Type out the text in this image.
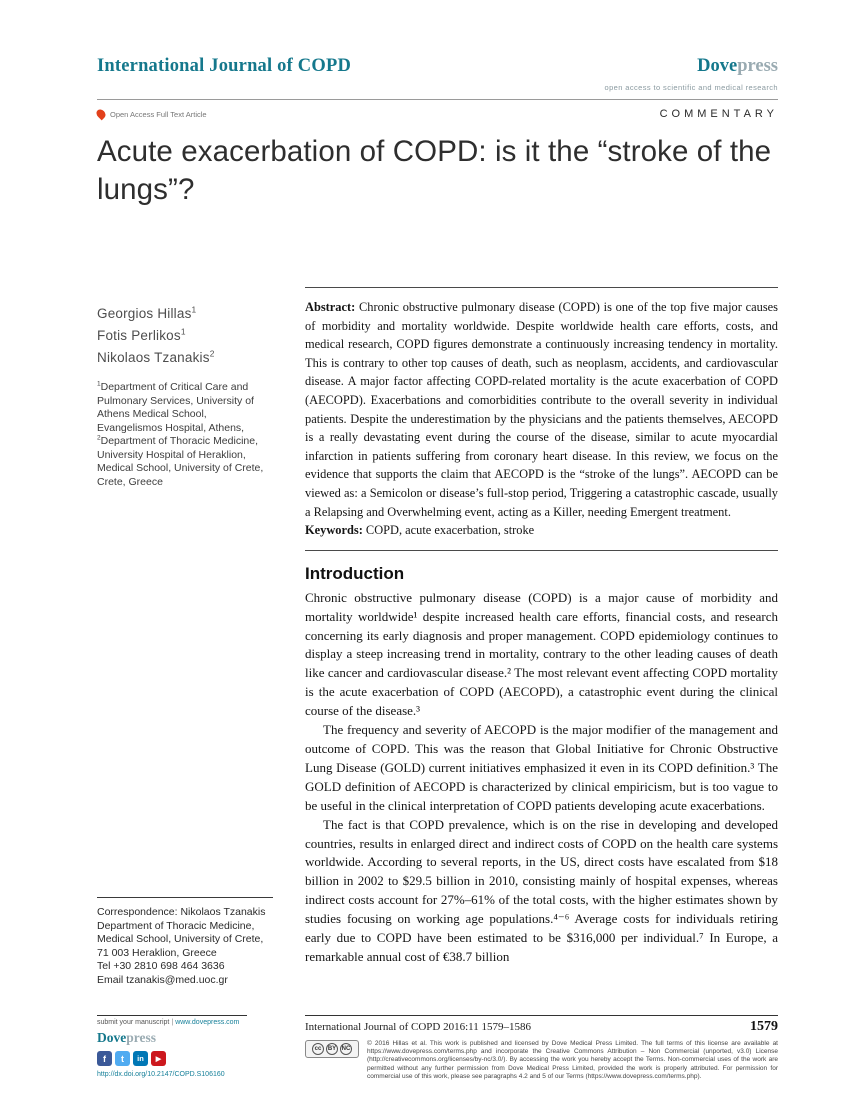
International Journal of COPD	Dovepress
open access to scientific and medical research
Open Access Full Text Article	COMMENTARY
Acute exacerbation of COPD: is it the “stroke of the lungs”?
Georgios Hillas$^1$
Fotis Perlikos$^1$
Nikolaos Tzanakis$^2$

$^1$Department of Critical Care and Pulmonary Services, University of Athens Medical School, Evangelismos Hospital, Athens, $^2$Department of Thoracic Medicine, University Hospital of Heraklion, Medical School, University of Crete, Crete, Greece

Correspondence: Nikolaos Tzanakis
Department of Thoracic Medicine,
Medical School, University of Crete,
71 003 Heraklion, Greece
Tel +30 2810 698 464 3636
Email tzanakis@med.uoc.gr

Abstract: Chronic obstructive pulmonary disease (COPD) is one of the top five major causes of morbidity and mortality worldwide. Despite worldwide health care efforts, costs, and medical research, COPD figures demonstrate a continuously increasing tendency in mortality. This is contrary to other top causes of death, such as neoplasm, accidents, and cardiovascular disease. A major factor affecting COPD-related mortality is the acute exacerbation of COPD (AECOPD). Exacerbations and comorbidities contribute to the overall severity in individual patients. Despite the underestimation by the physicians and the patients themselves, AECOPD is a really devastating event during the course of the disease, similar to acute myocardial infarction in patients suffering from coronary heart disease. In this review, we focus on the evidence that supports the claim that AECOPD is the “stroke of the lungs”. AECOPD can be viewed as: a Semicolon or disease’s full-stop period, Triggering a catastrophic cascade, usually a Relapsing and Overwhelming event, acting as a Killer, needing Emergent treatment.

Keywords: COPD, acute exacerbation, stroke

Introduction

Chronic obstructive pulmonary disease (COPD) is a major cause of morbidity and mortality worldwide¹ despite increased health care efforts, financial costs, and research concerning its early diagnosis and proper management. COPD epidemiology continues to display a steep increasing trend in mortality, contrary to the other leading causes of death like cancer and cardiovascular disease.² The most relevant event affecting COPD mortality is the acute exacerbation of COPD (AECOPD), a catastrophic event during the clinical course of the disease.³

The frequency and severity of AECOPD is the major modifier of the management and outcome of COPD. This was the reason that Global Initiative for Chronic Obstructive Lung Disease (GOLD) current initiatives emphasized it even in its COPD definition.³ The GOLD definition of AECOPD is characterized by clinical empiricism, but is too vague to be useful in the clinical interpretation of COPD patients developing acute exacerbations.

The fact is that COPD prevalence, which is on the rise in developing and developed countries, results in enlarged direct and indirect costs of COPD on the health care systems worldwide. According to several reports, in the US, direct costs have escalated from $18 billion in 2002 to $29.5 billion in 2010, consisting mainly of hospital expenses, whereas indirect costs account for 27%–61% of the total costs, with the higher estimates shown by studies focusing on working age populations.⁴⁻⁶ Average costs for individuals retiring early due to COPD have been estimated to be $316,000 per individual.⁷ In Europe, a remarkable annual cost of €38.7 billion

submit your manuscript | www.dovepress.com
Dovepress
f	t	in	▶
http://dx.doi.org/10.2147/COPD.S106160
International Journal of COPD 2016:11 1579–1586	1579
cc	BY NC
© 2016 Hillas et al. This work is published and licensed by Dove Medical Press Limited. The full terms of this license are available at https://www.dovepress.com/terms.php and incorporate the Creative Commons Attribution – Non Commercial (unported, v3.0) License (http://creativecommons.org/licenses/by-nc/3.0/). By accessing the work you hereby accept the Terms. Non-commercial uses of the work are permitted without any further permission from Dove Medical Press Limited, provided the work is properly attributed. For permission for commercial use of this work, please see paragraphs 4.2 and 5 of our Terms (https://www.dovepress.com/terms.php).
